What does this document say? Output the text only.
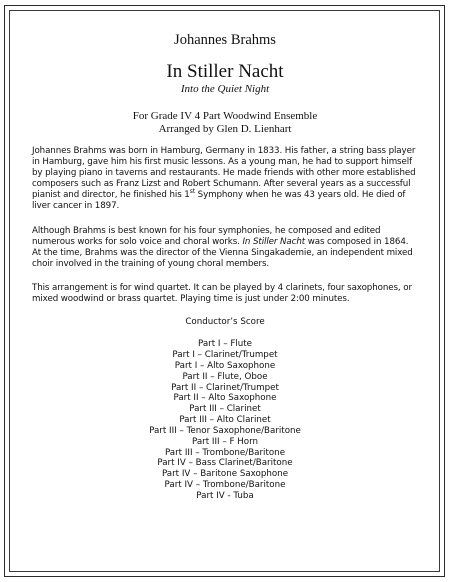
Johannes Brahms
In Stiller Nacht
Into the Quiet Night
For Grade IV 4 Part Woodwind Ensemble
Arranged by Glen D. Lienhart

Johannes Brahms was born in Hamburg, Germany in 1833. His father, a string bass player in Hamburg, gave him his first music lessons. As a young man, he had to support himself by playing piano in taverns and restaurants. He made friends with other more established composers such as Franz Lizst and Robert Schumann. After several years as a successful pianist and director, he finished his 1st Symphony when he was 43 years old. He died of liver cancer in 1897.

Although Brahms is best known for his four symphonies, he composed and edited numerous works for solo voice and choral works. In Stiller Nacht was composed in 1864. At the time, Brahms was the director of the Vienna Singakademie, an independent mixed choir involved in the training of young choral members.

This arrangement is for wind quartet. It can be played by 4 clarinets, four saxophones, or mixed woodwind or brass quartet. Playing time is just under 2:00 minutes.

Conductor’s Score
Part I – Flute
Part I – Clarinet/Trumpet
Part I – Alto Saxophone
Part II – Flute, Oboe
Part II – Clarinet/Trumpet
Part II – Alto Saxophone
Part III – Clarinet
Part III – Alto Clarinet
Part III – Tenor Saxophone/Baritone
Part III – F Horn
Part III – Trombone/Baritone
Part IV – Bass Clarinet/Baritone
Part IV – Baritone Saxophone
Part IV – Trombone/Baritone
Part IV - Tuba
